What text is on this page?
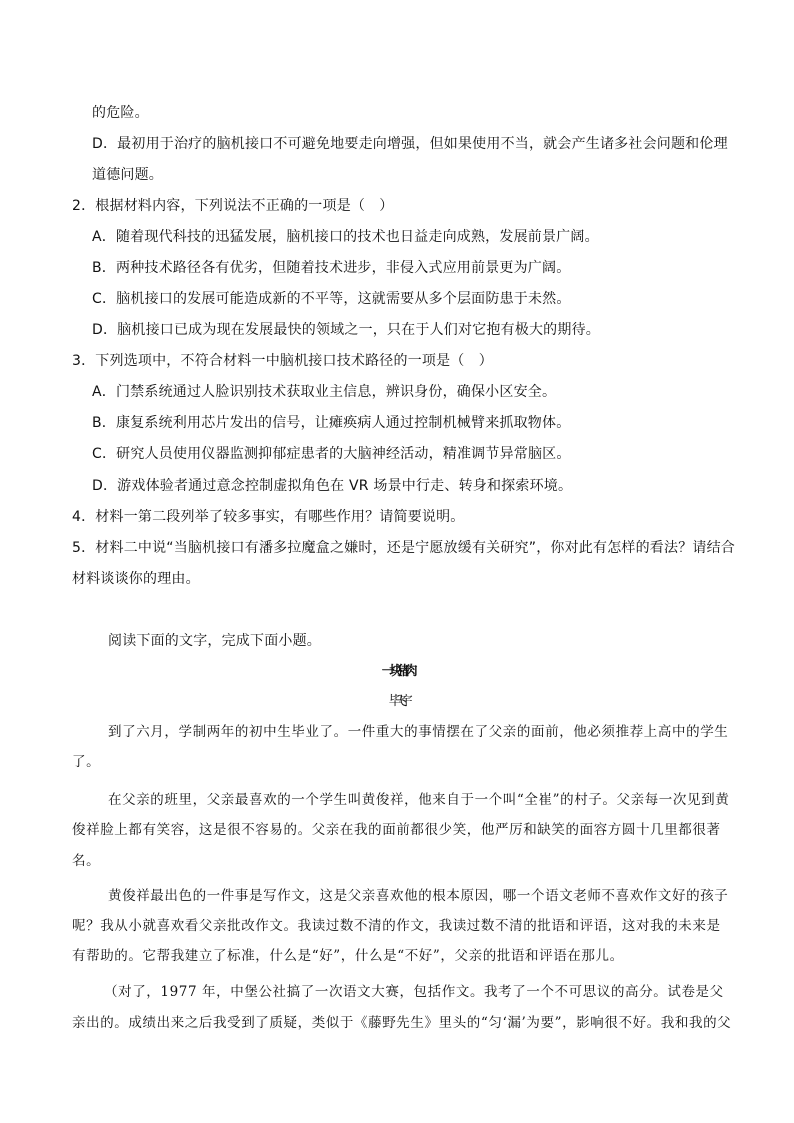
的危险。
D．最初用于治疗的脑机接口不可避免地要走向增强，但如果使用不当，就会产生诸多社会问题和伦理
道德问题。
2．根据材料内容，下列说法不正确的一项是（　）
A．随着现代科技的迅猛发展，脑机接口的技术也日益走向成熟，发展前景广阔。
B．两种技术路径各有优劣，但随着技术进步，非侵入式应用前景更为广阔。
C．脑机接口的发展可能造成新的不平等，这就需要从多个层面防患于未然。
D．脑机接口已成为现在发展最快的领域之一，只在于人们对它抱有极大的期待。
3．下列选项中，不符合材料一中脑机接口技术路径的一项是（　）
A．门禁系统通过人脸识别技术获取业主信息，辨识身份，确保小区安全。
B．康复系统利用芯片发出的信号，让瘫痪病人通过控制机械臂来抓取物体。
C．研究人员使用仪器监测抑郁症患者的大脑神经活动，精准调节异常脑区。
D．游戏体验者通过意念控制虚拟角色在 VR 场景中行走、转身和探索环境。
4．材料一第二段列举了较多事实，有哪些作用？请简要说明。
5．材料二中说“当脑机接口有潘多拉魔盒之嫌时，还是宁愿放缓有关研究”，你对此有怎样的看法？请结合
材料谈谈你的理由。
阅读下面的文字，完成下面小题。
一块猪肉
毕飞宇
到了六月，学制两年的初中生毕业了。一件重大的事情摆在了父亲的面前，他必须推荐上高中的学生
了。
在父亲的班里，父亲最喜欢的一个学生叫黄俊祥，他来自于一个叫“全崔”的村子。父亲每一次见到黄
俊祥脸上都有笑容，这是很不容易的。父亲在我的面前都很少笑，他严厉和缺笑的面容方圆十几里都很著
名。
黄俊祥最出色的一件事是写作文，这是父亲喜欢他的根本原因，哪一个语文老师不喜欢作文好的孩子
呢？我从小就喜欢看父亲批改作文。我读过数不清的作文，我读过数不清的批语和评语，这对我的未来是
有帮助的。它帮我建立了标准，什么是“好”，什么是“不好”，父亲的批语和评语在那儿。
（对了，1977 年，中堡公社搞了一次语文大赛，包括作文。我考了一个不可思议的高分。试卷是父
亲出的。成绩出来之后我受到了质疑，类似于《藤野先生》里头的“匀‘漏’为要”，影响很不好。我和我的父
